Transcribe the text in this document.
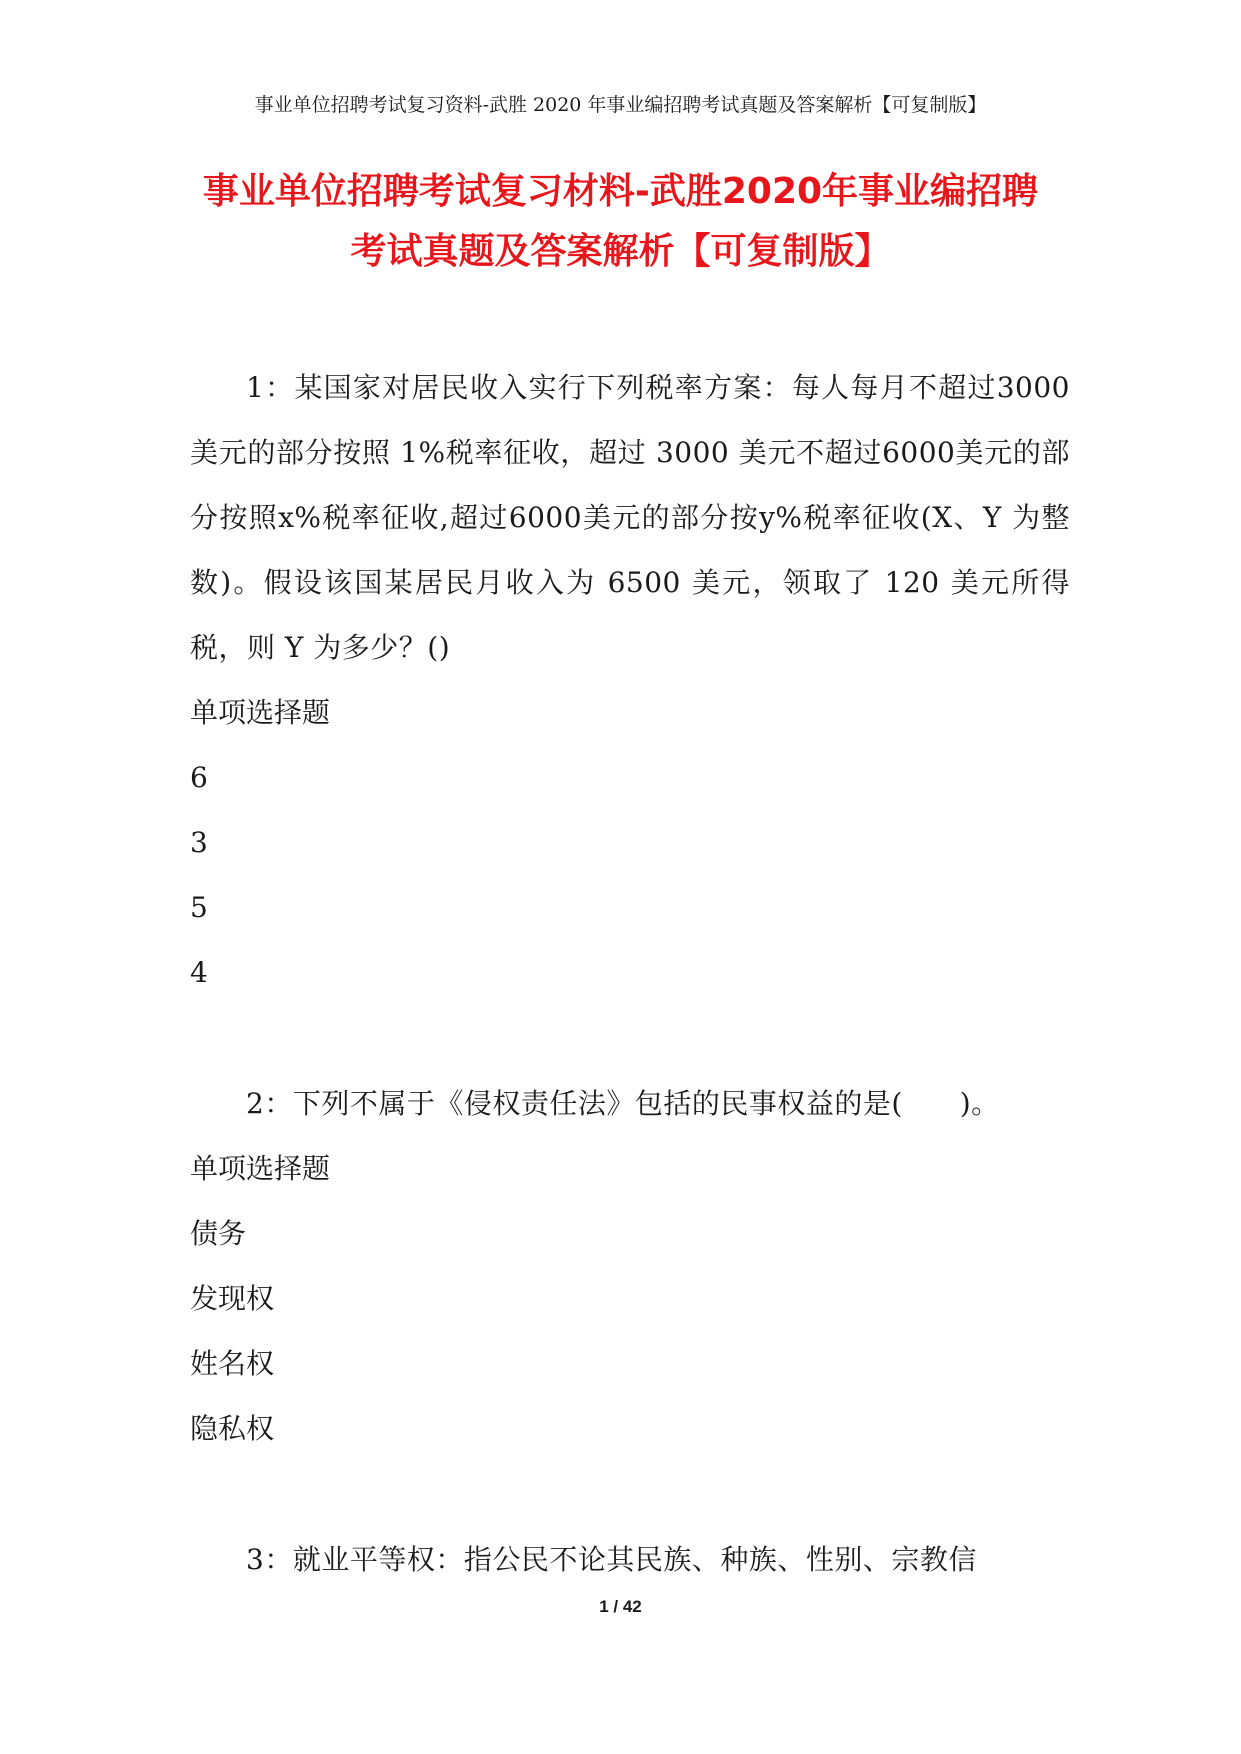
事业单位招聘考试复习资料-武胜 2020 年事业编招聘考试真题及答案解析【可复制版】
事业单位招聘考试复习材料-武胜2020年事业编招聘
考试真题及答案解析【可复制版】

1：某国家对居民收入实行下列税率方案：每人每月不超过3000 美元的部分按照 1%税率征收，超过 3000 美元不超过6000美元的部分按照x%税率征收,超过6000美元的部分按y%税率征收(X、Y 为整数)。假设该国某居民月收入为 6500 美元，领取了 120 美元所得税，则 Y 为多少？()

单项选择题

6

3

5

4

2：下列不属于《侵权责任法》包括的民事权益的是(　　)。

单项选择题

债务

发现权

姓名权

隐私权

3：就业平等权：指公民不论其民族、种族、性别、宗教信

1 / 42
